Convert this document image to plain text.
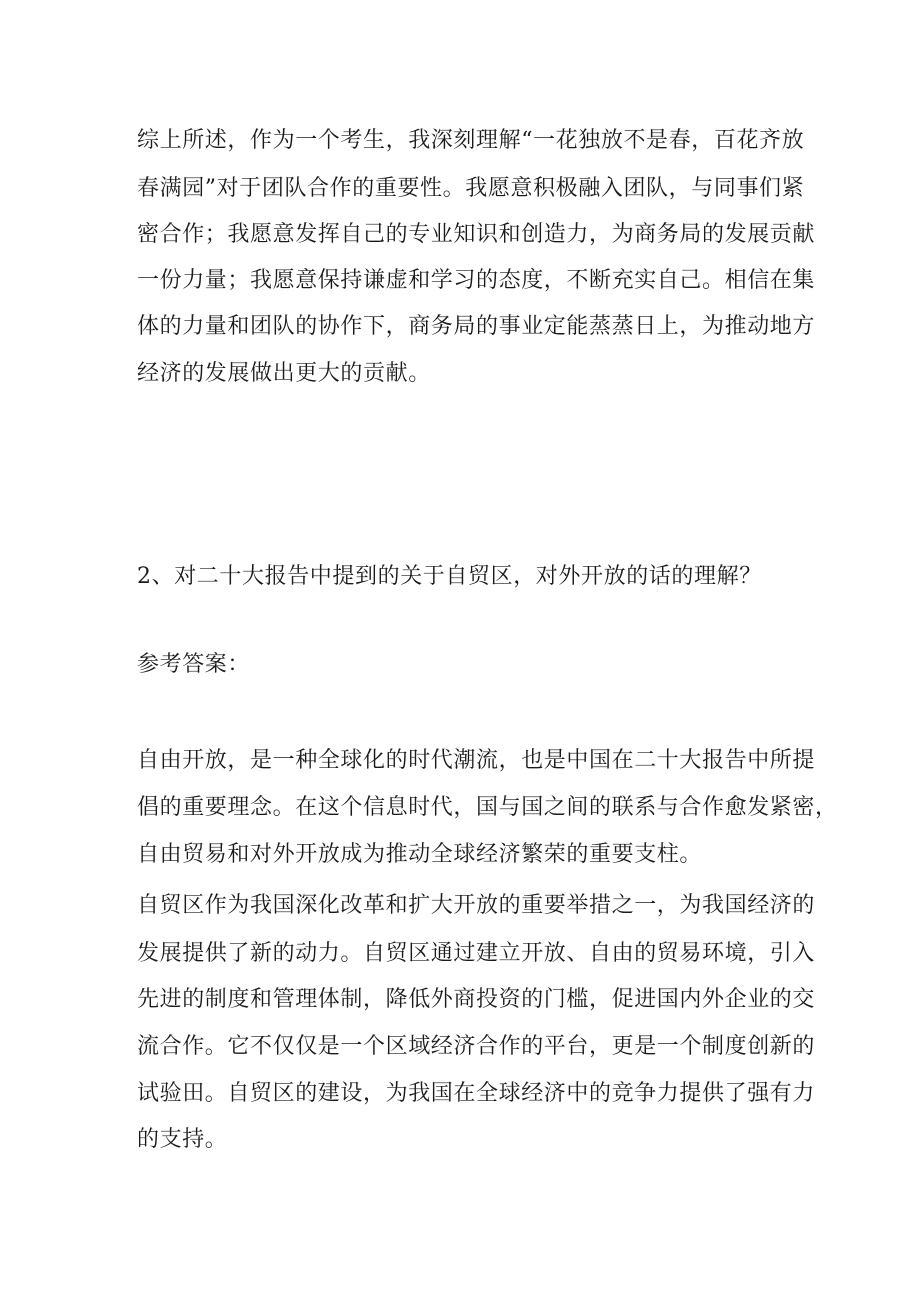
综上所述，作为一个考生，我深刻理解“一花独放不是春，百花齐放
春满园”对于团队合作的重要性。我愿意积极融入团队，与同事们紧
密合作；我愿意发挥自己的专业知识和创造力，为商务局的发展贡献
一份力量；我愿意保持谦虚和学习的态度，不断充实自己。相信在集
体的力量和团队的协作下，商务局的事业定能蒸蒸日上，为推动地方
经济的发展做出更大的贡献。
2、对二十大报告中提到的关于自贸区，对外开放的话的理解？
参考答案：
自由开放，是一种全球化的时代潮流，也是中国在二十大报告中所提
倡的重要理念。在这个信息时代，国与国之间的联系与合作愈发紧密，
自由贸易和对外开放成为推动全球经济繁荣的重要支柱。
自贸区作为我国深化改革和扩大开放的重要举措之一，为我国经济的
发展提供了新的动力。自贸区通过建立开放、自由的贸易环境，引入
先进的制度和管理体制，降低外商投资的门槛，促进国内外企业的交
流合作。它不仅仅是一个区域经济合作的平台，更是一个制度创新的
试验田。自贸区的建设，为我国在全球经济中的竞争力提供了强有力
的支持。
